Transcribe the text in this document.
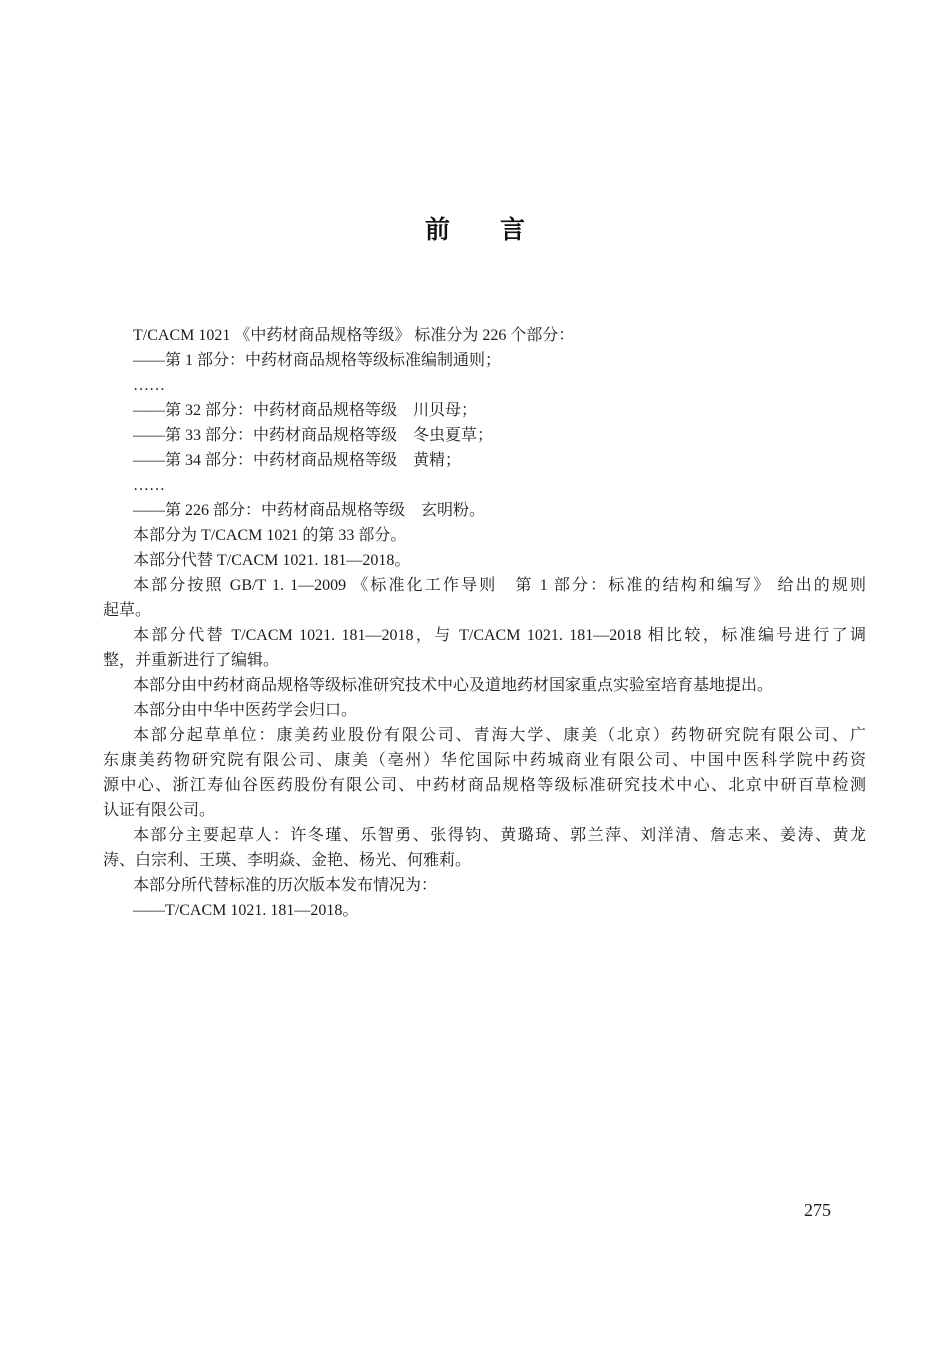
前　　言
T/CACM 1021 《中药材商品规格等级》 标准分为 226 个部分：
——第 1 部分：中药材商品规格等级标准编制通则；
……
——第 32 部分：中药材商品规格等级　川贝母；
——第 33 部分：中药材商品规格等级　冬虫夏草；
——第 34 部分：中药材商品规格等级　黄精；
……
——第 226 部分：中药材商品规格等级　玄明粉。
本部分为 T/CACM 1021 的第 33 部分。
本部分代替 T/CACM 1021. 181—2018。
本部分按照 GB/T 1. 1—2009 《标准化工作导则　第 1 部分：标准的结构和编写》 给出的规则
起草。
本部分代替 T/CACM 1021. 181—2018，与 T/CACM 1021. 181—2018 相比较，标准编号进行了调
整，并重新进行了编辑。
本部分由中药材商品规格等级标准研究技术中心及道地药材国家重点实验室培育基地提出。
本部分由中华中医药学会归口。
本部分起草单位：康美药业股份有限公司、青海大学、康美（北京）药物研究院有限公司、广
东康美药物研究院有限公司、康美（亳州）华佗国际中药城商业有限公司、中国中医科学院中药资
源中心、浙江寿仙谷医药股份有限公司、中药材商品规格等级标准研究技术中心、北京中研百草检测
认证有限公司。
本部分主要起草人：许冬瑾、乐智勇、张得钧、黄璐琦、郭兰萍、刘洋清、詹志来、姜涛、黄龙
涛、白宗利、王瑛、李明焱、金艳、杨光、何雅莉。
本部分所代替标准的历次版本发布情况为：
——T/CACM 1021. 181—2018。
275
